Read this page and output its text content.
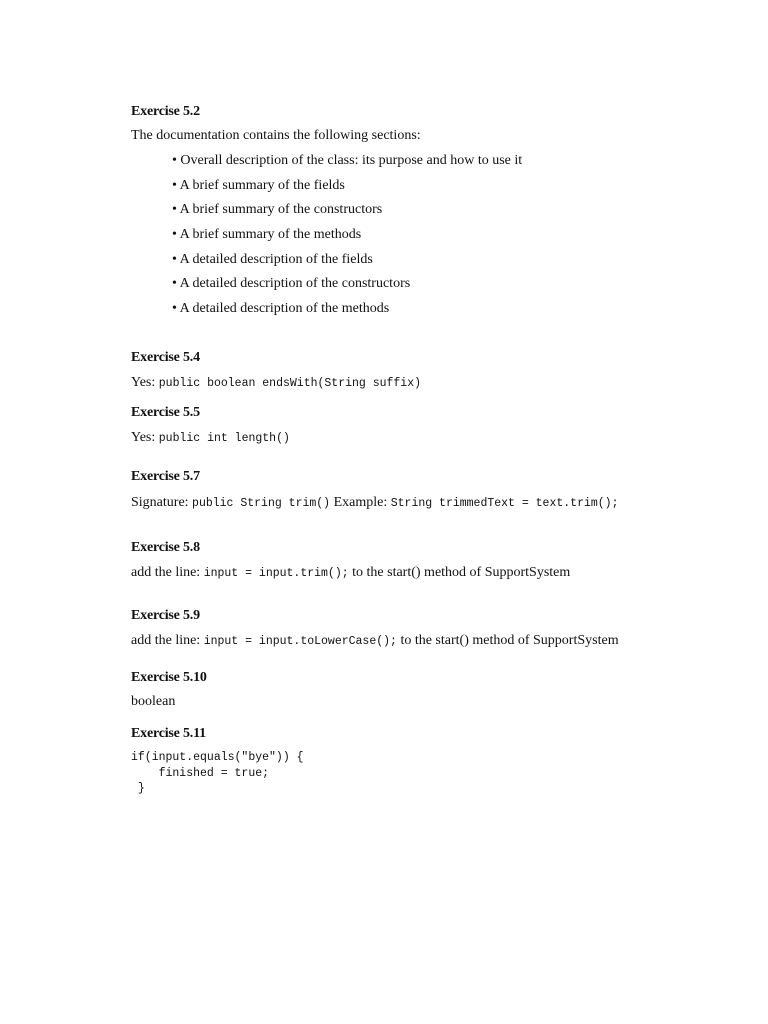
Exercise 5.2
The documentation contains the following sections:
• Overall description of the class: its purpose and how to use it
• A brief summary of the fields
• A brief summary of the constructors
• A brief summary of the methods
• A detailed description of the fields
• A detailed description of the constructors
• A detailed description of the methods
Exercise 5.4
Yes: public boolean endsWith(String suffix)
Exercise 5.5
Yes: public int length()
Exercise 5.7
Signature: public String trim() Example: String trimmedText = text.trim();
Exercise 5.8
add the line: input = input.trim(); to the start() method of SupportSystem
Exercise 5.9
add the line: input = input.toLowerCase(); to the start() method of SupportSystem
Exercise 5.10
boolean
Exercise 5.11
if(input.equals("bye")) {
finished = true;
}
